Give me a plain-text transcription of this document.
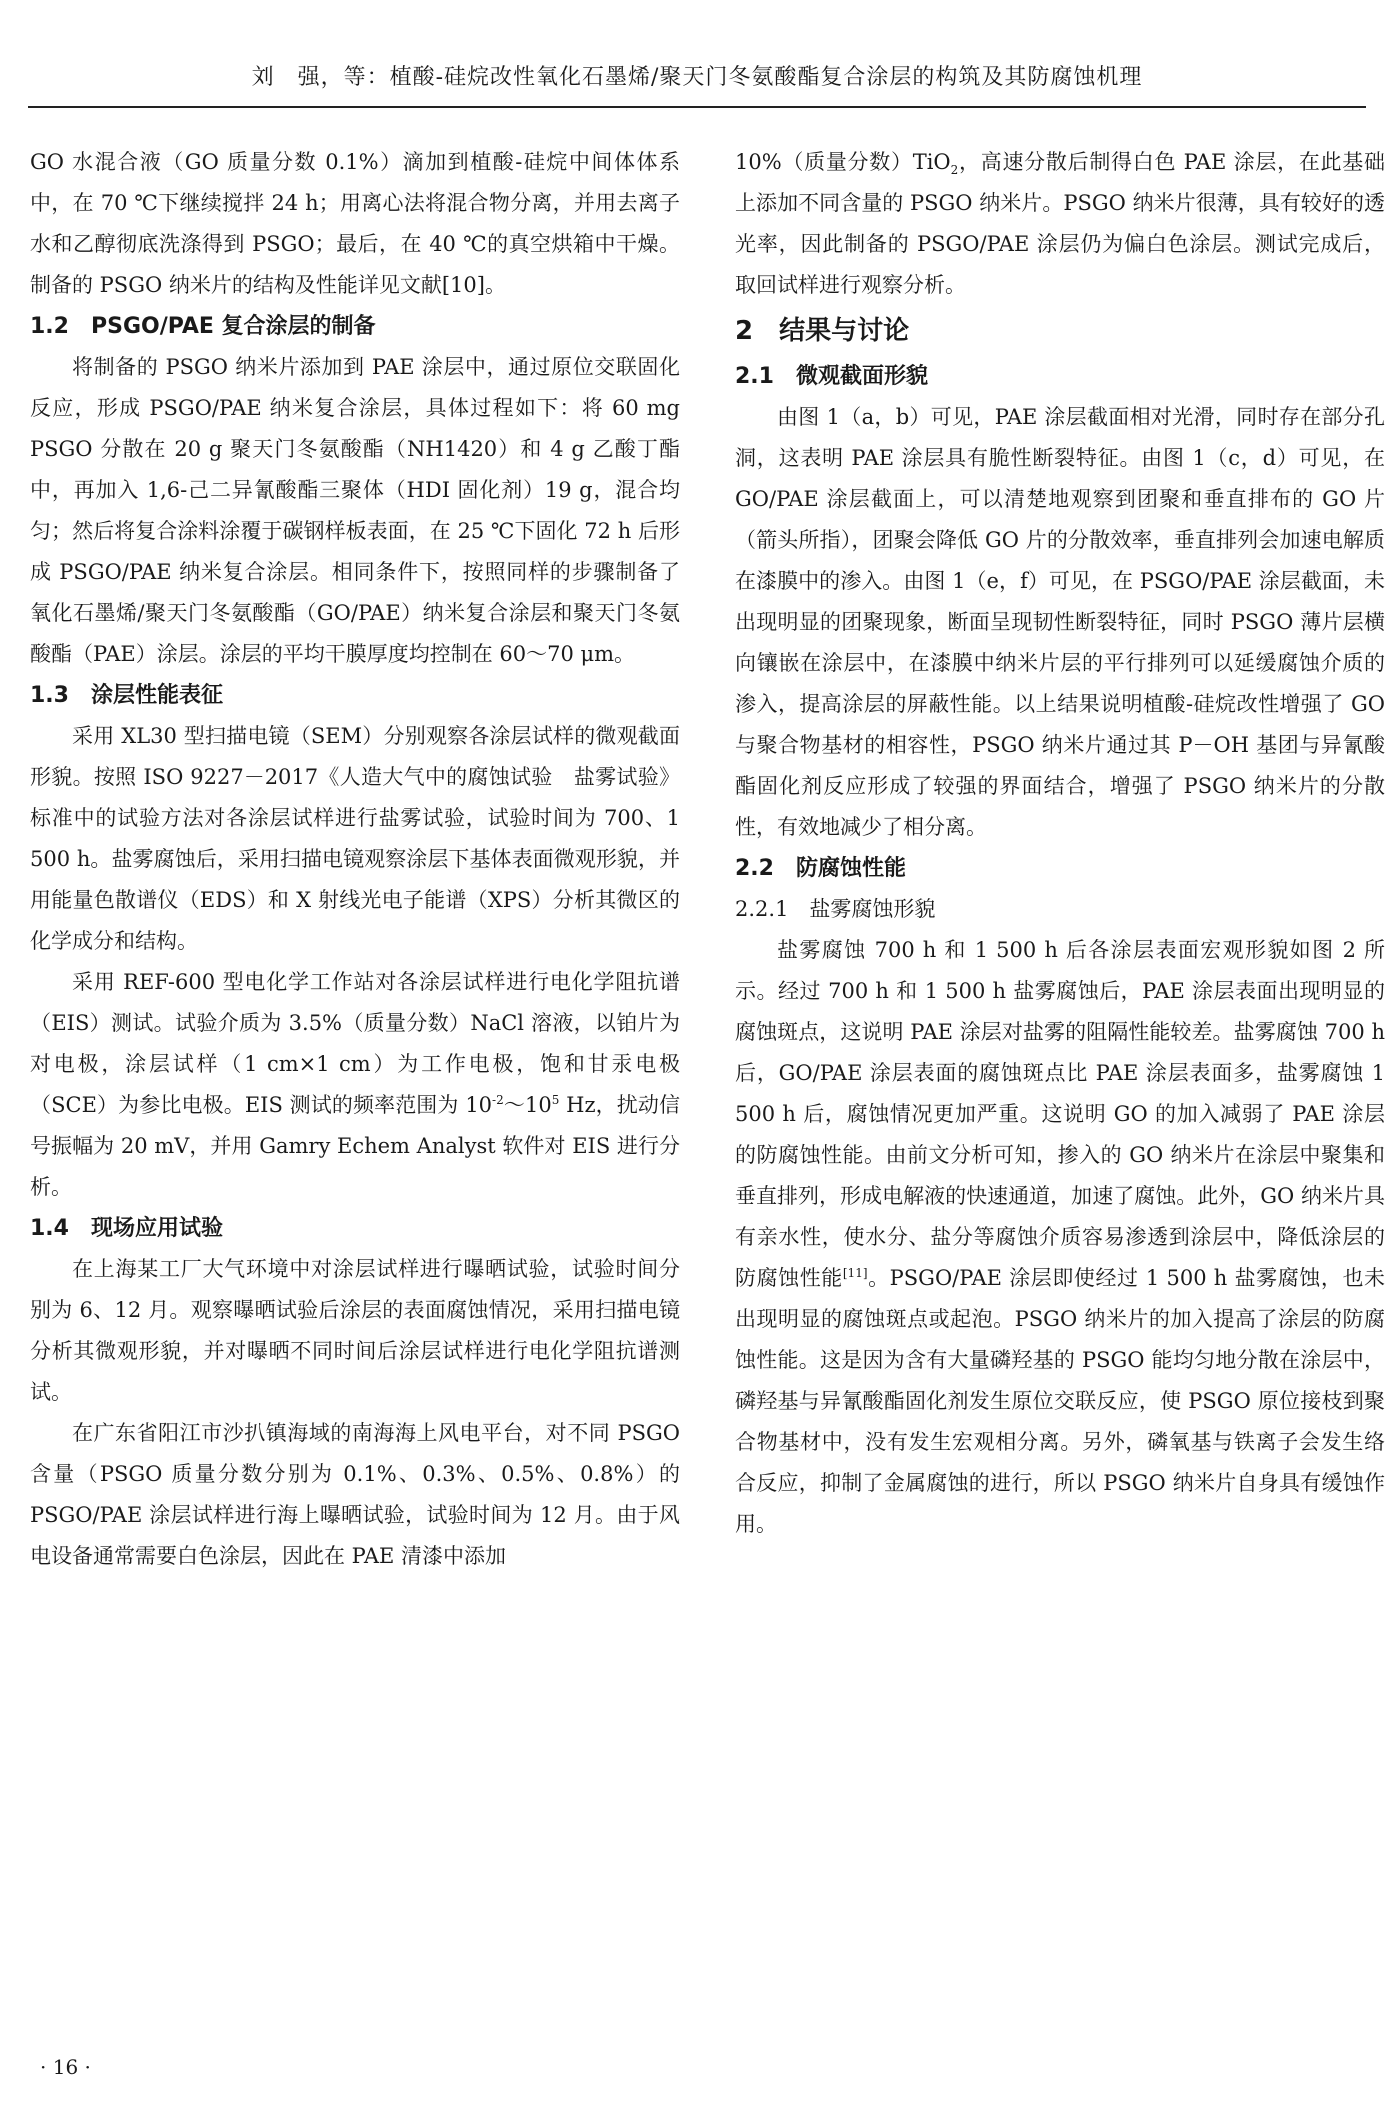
刘　强，等：植酸-硅烷改性氧化石墨烯/聚天门冬氨酸酯复合涂层的构筑及其防腐蚀机理

GO 水混合液（GO 质量分数 0.1%）滴加到植酸-硅烷中间体体系中，在 70 ℃下继续搅拌 24 h；用离心法将混合物分离，并用去离子水和乙醇彻底洗涤得到 PSGO；最后，在 40 ℃的真空烘箱中干燥。制备的 PSGO 纳米片的结构及性能详见文献[10]。

1.2　PSGO/PAE 复合涂层的制备

将制备的 PSGO 纳米片添加到 PAE 涂层中，通过原位交联固化反应，形成 PSGO/PAE 纳米复合涂层，具体过程如下：将 60 mg PSGO 分散在 20 g 聚天门冬氨酸酯（NH1420）和 4 g 乙酸丁酯中，再加入 1,6-己二异氰酸酯三聚体（HDI 固化剂）19 g，混合均匀；然后将复合涂料涂覆于碳钢样板表面，在 25 ℃下固化 72 h 后形成 PSGO/PAE 纳米复合涂层。相同条件下，按照同样的步骤制备了氧化石墨烯/聚天门冬氨酸酯（GO/PAE）纳米复合涂层和聚天门冬氨酸酯（PAE）涂层。涂层的平均干膜厚度均控制在 60～70 μm。

1.3　涂层性能表征

采用 XL30 型扫描电镜（SEM）分别观察各涂层试样的微观截面形貌。按照 ISO 9227－2017《人造大气中的腐蚀试验　盐雾试验》标准中的试验方法对各涂层试样进行盐雾试验，试验时间为 700、1 500 h。盐雾腐蚀后，采用扫描电镜观察涂层下基体表面微观形貌，并用能量色散谱仪（EDS）和 X 射线光电子能谱（XPS）分析其微区的化学成分和结构。

采用 REF-600 型电化学工作站对各涂层试样进行电化学阻抗谱（EIS）测试。试验介质为 3.5%（质量分数）NaCl 溶液，以铂片为对电极，涂层试样（1 cm×1 cm）为工作电极，饱和甘汞电极（SCE）为参比电极。EIS 测试的频率范围为 $10^{-2}\sim 10^5$ Hz，扰动信号振幅为 20 mV，并用 Gamry Echem Analyst 软件对 EIS 进行分析。

1.4　现场应用试验

在上海某工厂大气环境中对涂层试样进行曝晒试验，试验时间分别为 6、12 月。观察曝晒试验后涂层的表面腐蚀情况，采用扫描电镜分析其微观形貌，并对曝晒不同时间后涂层试样进行电化学阻抗谱测试。

在广东省阳江市沙扒镇海域的南海海上风电平台，对不同 PSGO 含量（PSGO 质量分数分别为 0.1%、0.3%、0.5%、0.8%）的 PSGO/PAE 涂层试样进行海上曝晒试验，试验时间为 12 月。由于风电设备通常需要白色涂层，因此在 PAE 清漆中添加

10%（质量分数）TiO$_2$，高速分散后制得白色 PAE 涂层，在此基础上添加不同含量的 PSGO 纳米片。PSGO 纳米片很薄，具有较好的透光率，因此制备的 PSGO/PAE 涂层仍为偏白色涂层。测试完成后，取回试样进行观察分析。

2　结果与讨论

2.1　微观截面形貌

由图 1（a，b）可见，PAE 涂层截面相对光滑，同时存在部分孔洞，这表明 PAE 涂层具有脆性断裂特征。由图 1（c，d）可见，在 GO/PAE 涂层截面上，可以清楚地观察到团聚和垂直排布的 GO 片（箭头所指），团聚会降低 GO 片的分散效率，垂直排列会加速电解质在漆膜中的渗入。由图 1（e，f）可见，在 PSGO/PAE 涂层截面，未出现明显的团聚现象，断面呈现韧性断裂特征，同时 PSGO 薄片层横向镶嵌在涂层中，在漆膜中纳米片层的平行排列可以延缓腐蚀介质的渗入，提高涂层的屏蔽性能。以上结果说明植酸-硅烷改性增强了 GO 与聚合物基材的相容性，PSGO 纳米片通过其 P－OH 基团与异氰酸酯固化剂反应形成了较强的界面结合，增强了 PSGO 纳米片的分散性，有效地减少了相分离。

2.2　防腐蚀性能

2.2.1　盐雾腐蚀形貌

盐雾腐蚀 700 h 和 1 500 h 后各涂层表面宏观形貌如图 2 所示。经过 700 h 和 1 500 h 盐雾腐蚀后，PAE 涂层表面出现明显的腐蚀斑点，这说明 PAE 涂层对盐雾的阻隔性能较差。盐雾腐蚀 700 h 后，GO/PAE 涂层表面的腐蚀斑点比 PAE 涂层表面多，盐雾腐蚀 1 500 h 后，腐蚀情况更加严重。这说明 GO 的加入减弱了 PAE 涂层的防腐蚀性能。由前文分析可知，掺入的 GO 纳米片在涂层中聚集和垂直排列，形成电解液的快速通道，加速了腐蚀。此外，GO 纳米片具有亲水性，使水分、盐分等腐蚀介质容易渗透到涂层中，降低涂层的防腐蚀性能[11]。PSGO/PAE 涂层即使经过 1 500 h 盐雾腐蚀，也未出现明显的腐蚀斑点或起泡。PSGO 纳米片的加入提高了涂层的防腐蚀性能。这是因为含有大量磷羟基的 PSGO 能均匀地分散在涂层中，磷羟基与异氰酸酯固化剂发生原位交联反应，使 PSGO 原位接枝到聚合物基材中，没有发生宏观相分离。另外，磷氧基与铁离子会发生络合反应，抑制了金属腐蚀的进行，所以 PSGO 纳米片自身具有缓蚀作用。

· 16 ·
